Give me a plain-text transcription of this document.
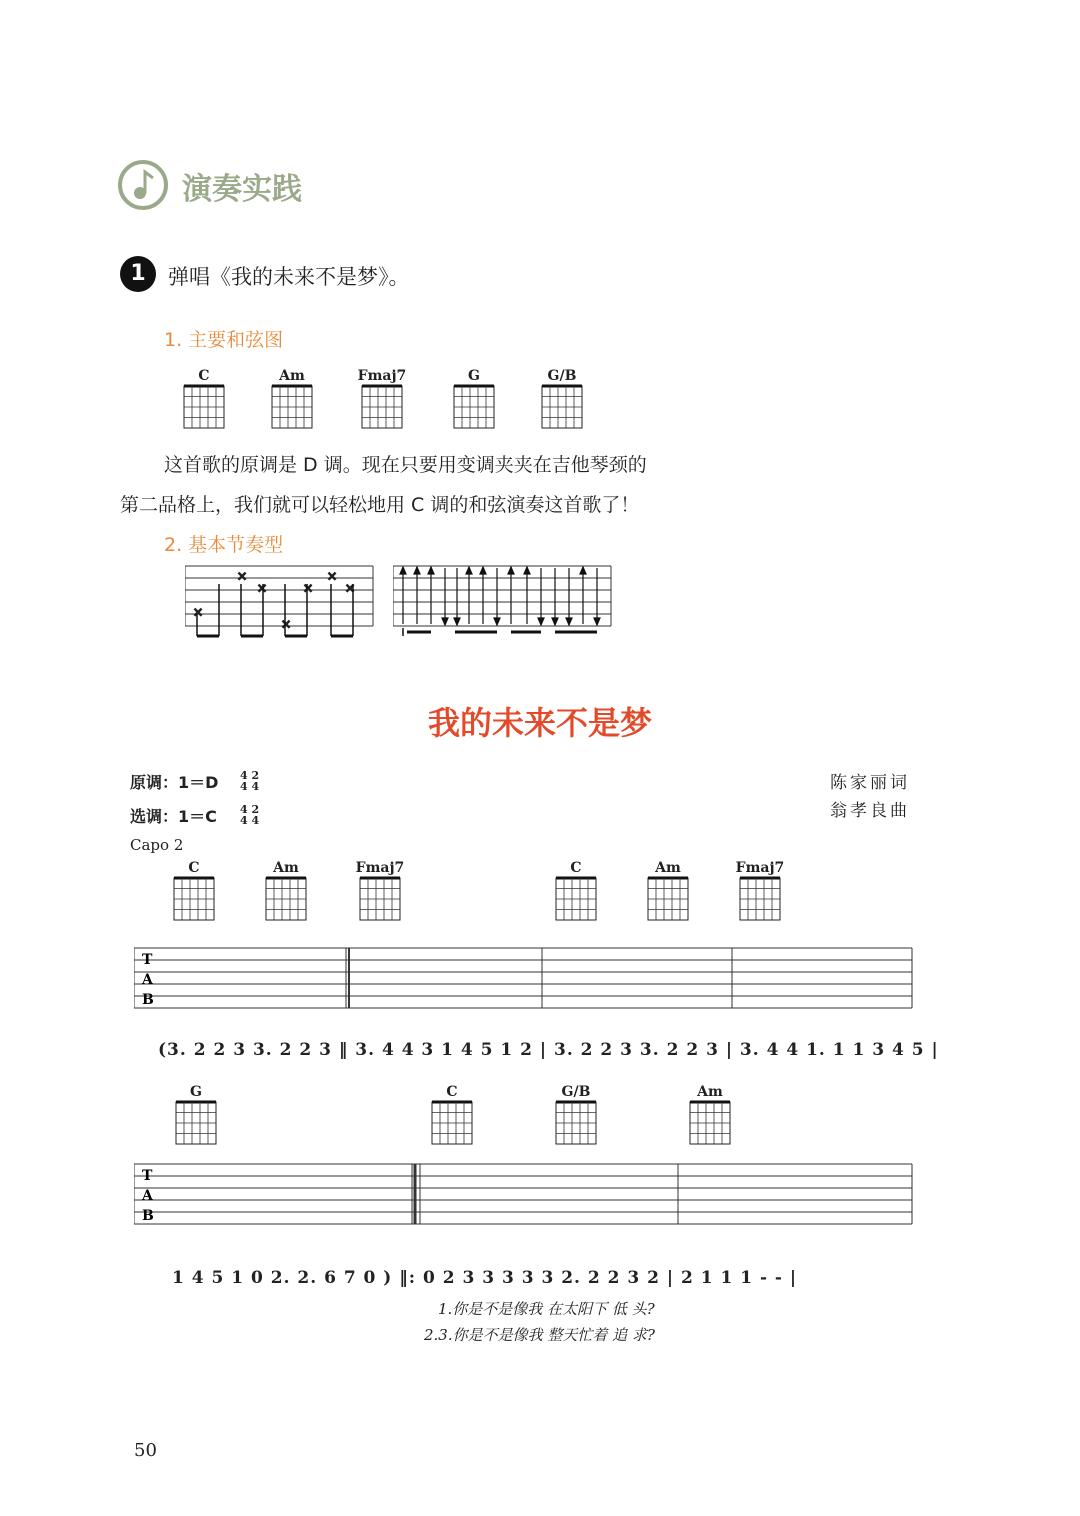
演奏实践
1	弹唱《我的未来不是梦》。
1. 主要和弦图
C	Am	Fmaj7	G	G/B
这首歌的原调是 D 调。现在只要用变调夹夹在吉他琴颈的
第二品格上，我们就可以轻松地用 C 调的和弦演奏这首歌了！
2. 基本节奏型
×
×
×
×
×
×
×
我的未来不是梦
原调：1＝D
选调：1＝C
4 2
4 4
4 2
4 4
陈家丽词
翁孝良曲
Capo 2
C	Am	Fmaj7	C	Am	Fmaj7
T
A
B
(3. 2 2 3 3. 2 2 3 ‖ 3. 4 4 3 1 4 5 1 2 | 3. 2 2 3 3. 2 2 3 | 3. 4 4 1. 1 1 3 4 5 |
G	C	G/B	Am
T
A
B
1 4 5 1 0 2. 2. 6 7 0 ) ‖: 0 2 3 3 3 3 3 2. 2 2 3 2 | 2 1 1 1 - - |
1.你是不是像我 在太阳下 低 头?
2.3.你是不是像我 整天忙着 追 求?
50
